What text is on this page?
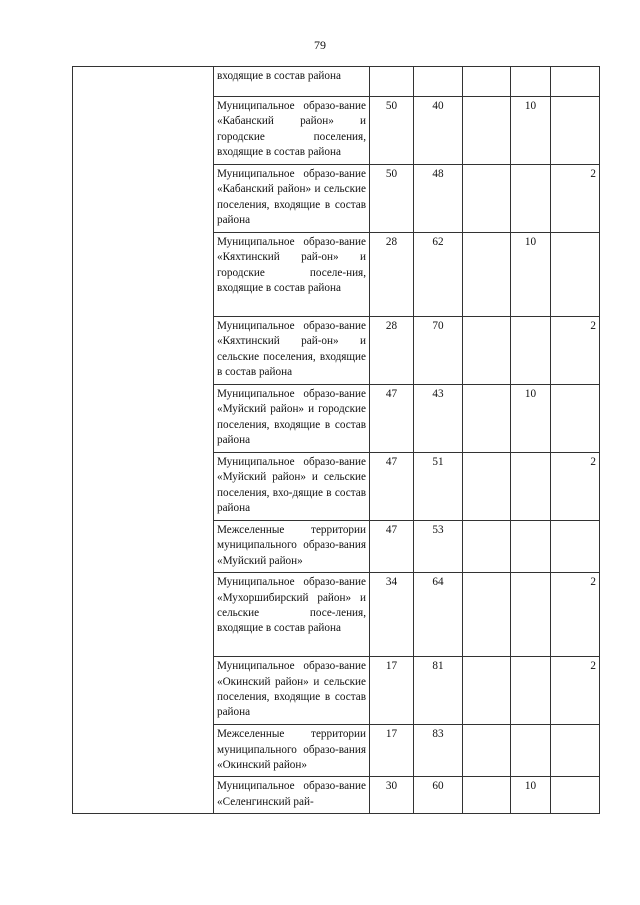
79
	входящие в состав района					
	Муниципальное образо-вание «Кабанский район» и городские поселения, входящие в состав района	50	40		10	
	Муниципальное образо-вание «Кабанский район» и сельские поселения, входящие в состав района	50	48			2
	Муниципальное образо-вание «Кяхтинский рай-он» и городские поселе-ния, входящие в состав района	28	62		10	
	Муниципальное образо-вание «Кяхтинский рай-он» и сельские поселения, входящие в состав района	28	70			2
	Муниципальное образо-вание «Муйский район» и городские поселения, входящие в состав района	47	43		10	
	Муниципальное образо-вание «Муйский район» и сельские поселения, вхо-дящие в состав района	47	51			2
	Межселенные территории муниципального образо-вания «Муйский район»	47	53			
	Муниципальное образо-вание «Мухоршибирский район» и сельские посе-ления, входящие в состав района	34	64			2
	Муниципальное образо-вание «Окинский район» и сельские поселения, входящие в состав района	17	81			2
	Межселенные территории муниципального образо-вания «Окинский район»	17	83			
	Муниципальное образо-вание «Селенгинский рай-	30	60		10	
